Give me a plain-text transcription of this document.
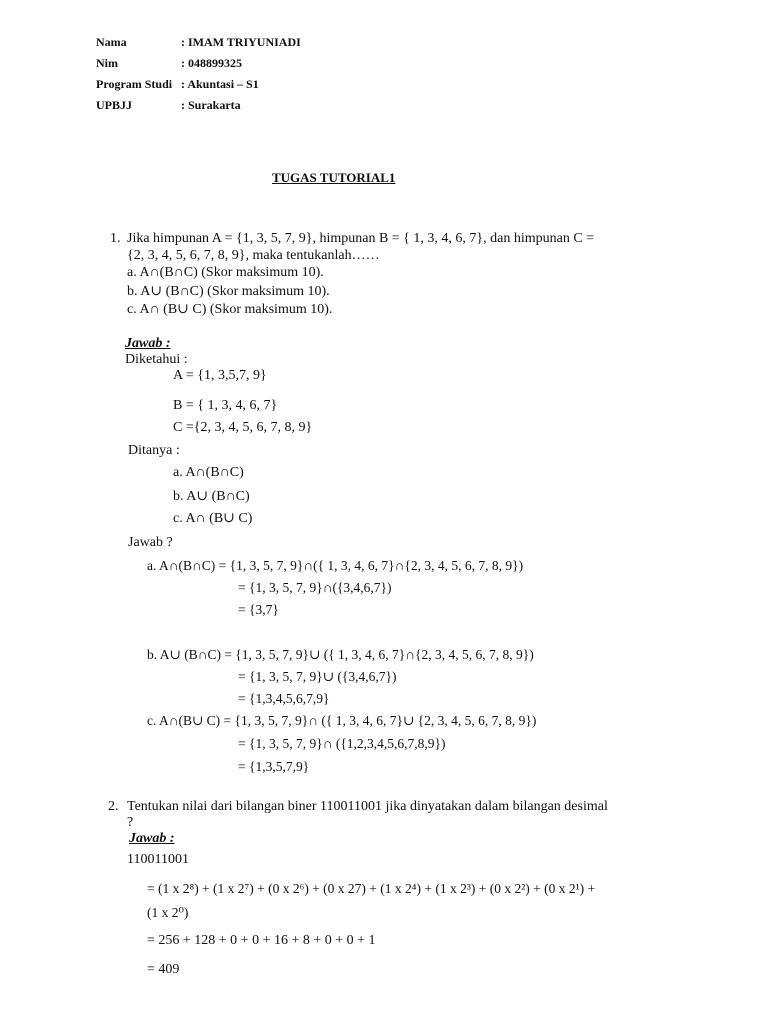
Nama	: IMAM TRIYUNIADI
Nim	: 048899325
Program Studi : Akuntasi – S1
UPBJJ	: Surakarta
TUGAS TUTORIAL1
1. Jika himpunan A = {1, 3, 5, 7, 9}, himpunan B = { 1, 3, 4, 6, 7}, dan himpunan C =
{2, 3, 4, 5, 6, 7, 8, 9}, maka tentukanlah……
a. A∩(B∩C) (Skor maksimum 10).
b. A∪ (B∩C) (Skor maksimum 10).
c. A∩ (B∪ C) (Skor maksimum 10).
Jawab :
Diketahui :
A = {1, 3,5,7, 9}
B = { 1, 3, 4, 6, 7}
C ={2, 3, 4, 5, 6, 7, 8, 9}
Ditanya :
a. A∩(B∩C)
b. A∪ (B∩C)
c. A∩ (B∪ C)
Jawab ?
a. A∩(B∩C) = {1, 3, 5, 7, 9}∩({ 1, 3, 4, 6, 7}∩{2, 3, 4, 5, 6, 7, 8, 9})
= {1, 3, 5, 7, 9}∩({3,4,6,7})
= {3,7}
b. A∪ (B∩C) = {1, 3, 5, 7, 9}∪ ({ 1, 3, 4, 6, 7}∩{2, 3, 4, 5, 6, 7, 8, 9})
= {1, 3, 5, 7, 9}∪ ({3,4,6,7})
= {1,3,4,5,6,7,9}
c. A∩(B∪ C) = {1, 3, 5, 7, 9}∩ ({ 1, 3, 4, 6, 7}∪ {2, 3, 4, 5, 6, 7, 8, 9})
= {1, 3, 5, 7, 9}∩ ({1,2,3,4,5,6,7,8,9})
= {1,3,5,7,9}
2. Tentukan nilai dari bilangan biner 110011001 jika dinyatakan dalam bilangan desimal
?
Jawab :
110011001
= (1 x 2⁸) + (1 x 2⁷) + (0 x 2⁶) + (0 x 27) + (1 x 2⁴) + (1 x 2³) + (0 x 2²) + (0 x 2¹) +
(1 x 2⁰)
= 256 + 128 + 0 + 0 + 16 + 8 + 0 + 0 + 1
= 409
